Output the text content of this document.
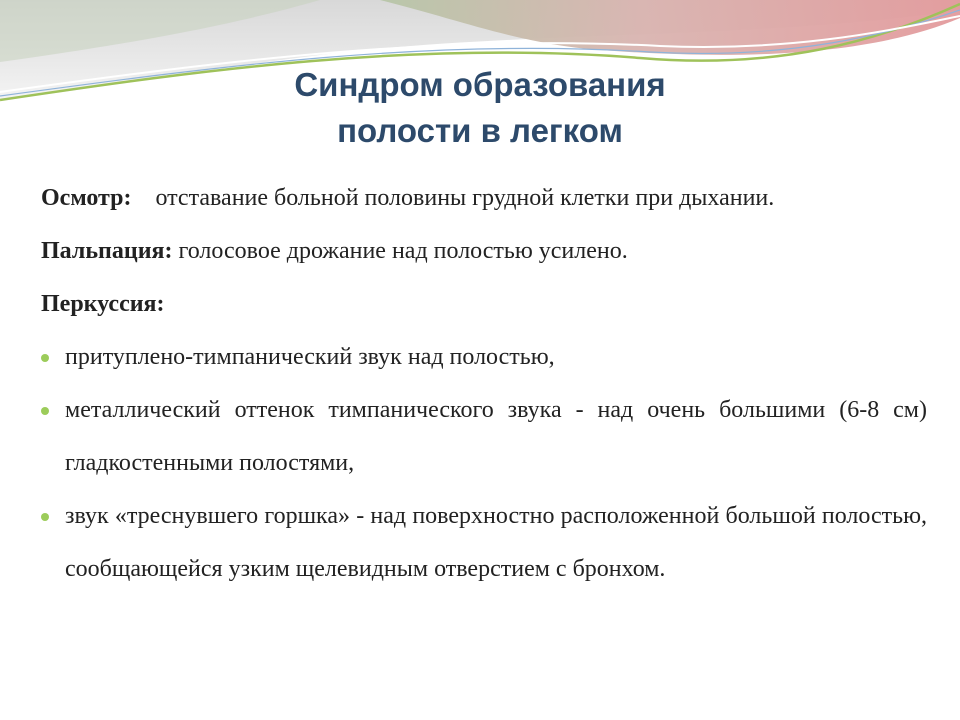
Синдром образования
полости в легком

Осмотр: отставание больной половины грудной клетки при дыхании.

Пальпация: голосовое дрожание над полостью усилено.

Перкуссия:

притуплено-тимпанический звук над полостью,
металлический оттенок тимпанического звука - над очень большими (6-8 см) гладкостенными полостями,
звук «треснувшего горшка» - над поверхностно расположенной большой полостью, сообщающейся узким щелевидным отверстием с бронхом.
